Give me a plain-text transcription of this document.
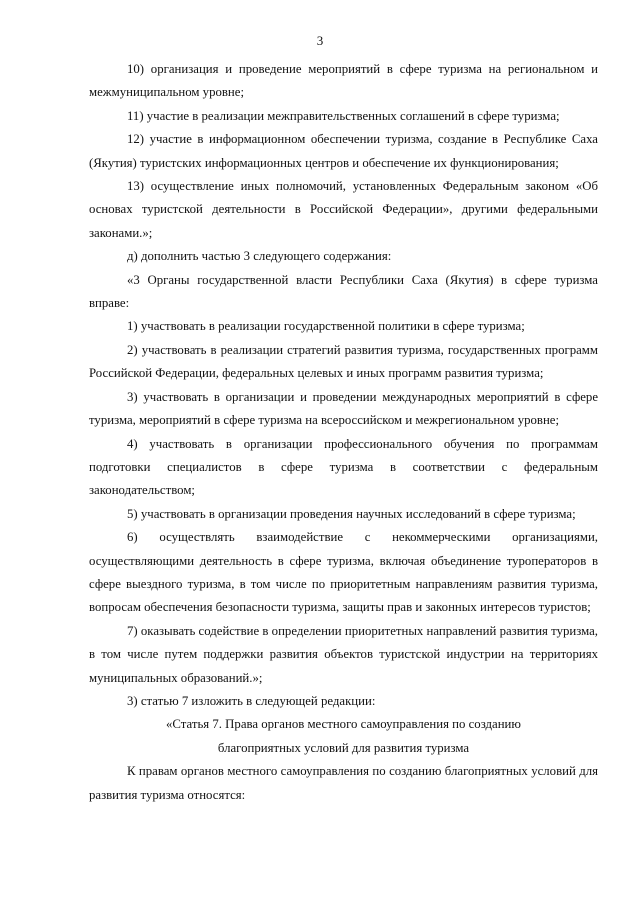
3

10) организация и проведение мероприятий в сфере туризма на региональном и межмуниципальном уровне;

11) участие в реализации межправительственных соглашений в сфере туризма;

12) участие в информационном обеспечении туризма, создание в Республике Саха (Якутия) туристских информационных центров и обеспечение их функционирования;

13) осуществление иных полномочий, установленных Федеральным законом «Об основах туристской деятельности в Российской Федерации», другими федеральными законами.»;

д) дополнить частью 3 следующего содержания:

«3 Органы государственной власти Республики Саха (Якутия) в сфере туризма вправе:

1) участвовать в реализации государственной политики в сфере туризма;

2) участвовать в реализации стратегий развития туризма, государственных программ Российской Федерации, федеральных целевых и иных программ развития туризма;

3) участвовать в организации и проведении международных мероприятий в сфере туризма, мероприятий в сфере туризма на всероссийском и межрегиональном уровне;

4) участвовать в организации профессионального обучения по программам подготовки специалистов в сфере туризма в соответствии с федеральным законодательством;

5) участвовать в организации проведения научных исследований в сфере туризма;

6) осуществлять взаимодействие с некоммерческими организациями, осуществляющими деятельность в сфере туризма, включая объединение туроператоров в сфере выездного туризма, в том числе по приоритетным направлениям развития туризма, вопросам обеспечения безопасности туризма, защиты прав и законных интересов туристов;

7) оказывать содействие в определении приоритетных направлений развития туризма, в том числе путем поддержки развития объектов туристской индустрии на территориях муниципальных образований.»;

3) статью 7 изложить в следующей редакции:

«Статья 7. Права органов местного самоуправления по созданию
благоприятных условий для развития туризма

К правам органов местного самоуправления по созданию благоприятных условий для развития туризма относятся:
